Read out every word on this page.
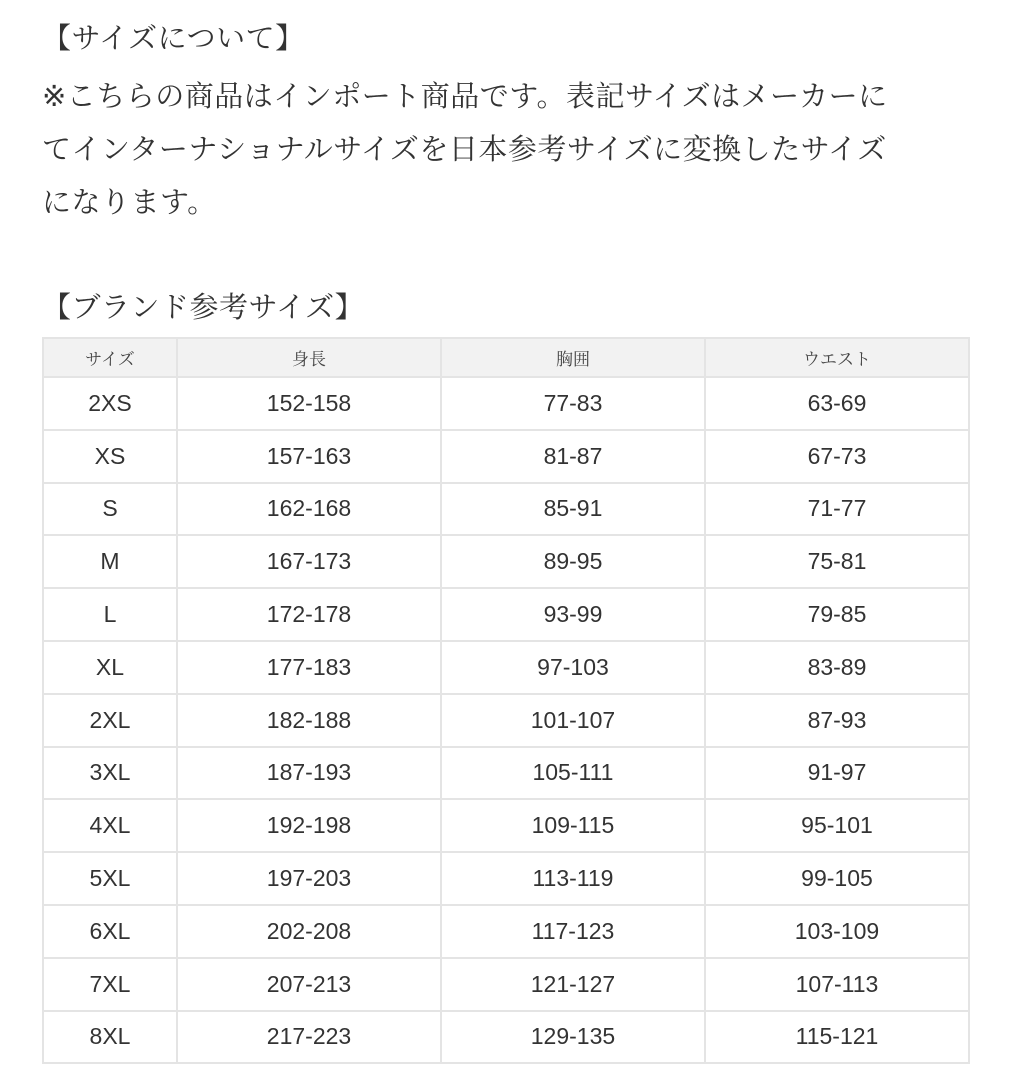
【サイズについて】
※こちらの商品はインポート商品です。表記サイズはメーカーに
てインターナショナルサイズを日本参考サイズに変換したサイズ
になります。
【ブランド参考サイズ】
サイズ	身長	胸囲	ウエスト
2XS	152-158	77-83	63-69
XS	157-163	81-87	67-73
S	162-168	85-91	71-77
M	167-173	89-95	75-81
L	172-178	93-99	79-85
XL	177-183	97-103	83-89
2XL	182-188	101-107	87-93
3XL	187-193	105-111	91-97
4XL	192-198	109-115	95-101
5XL	197-203	113-119	99-105
6XL	202-208	117-123	103-109
7XL	207-213	121-127	107-113
8XL	217-223	129-135	115-121
